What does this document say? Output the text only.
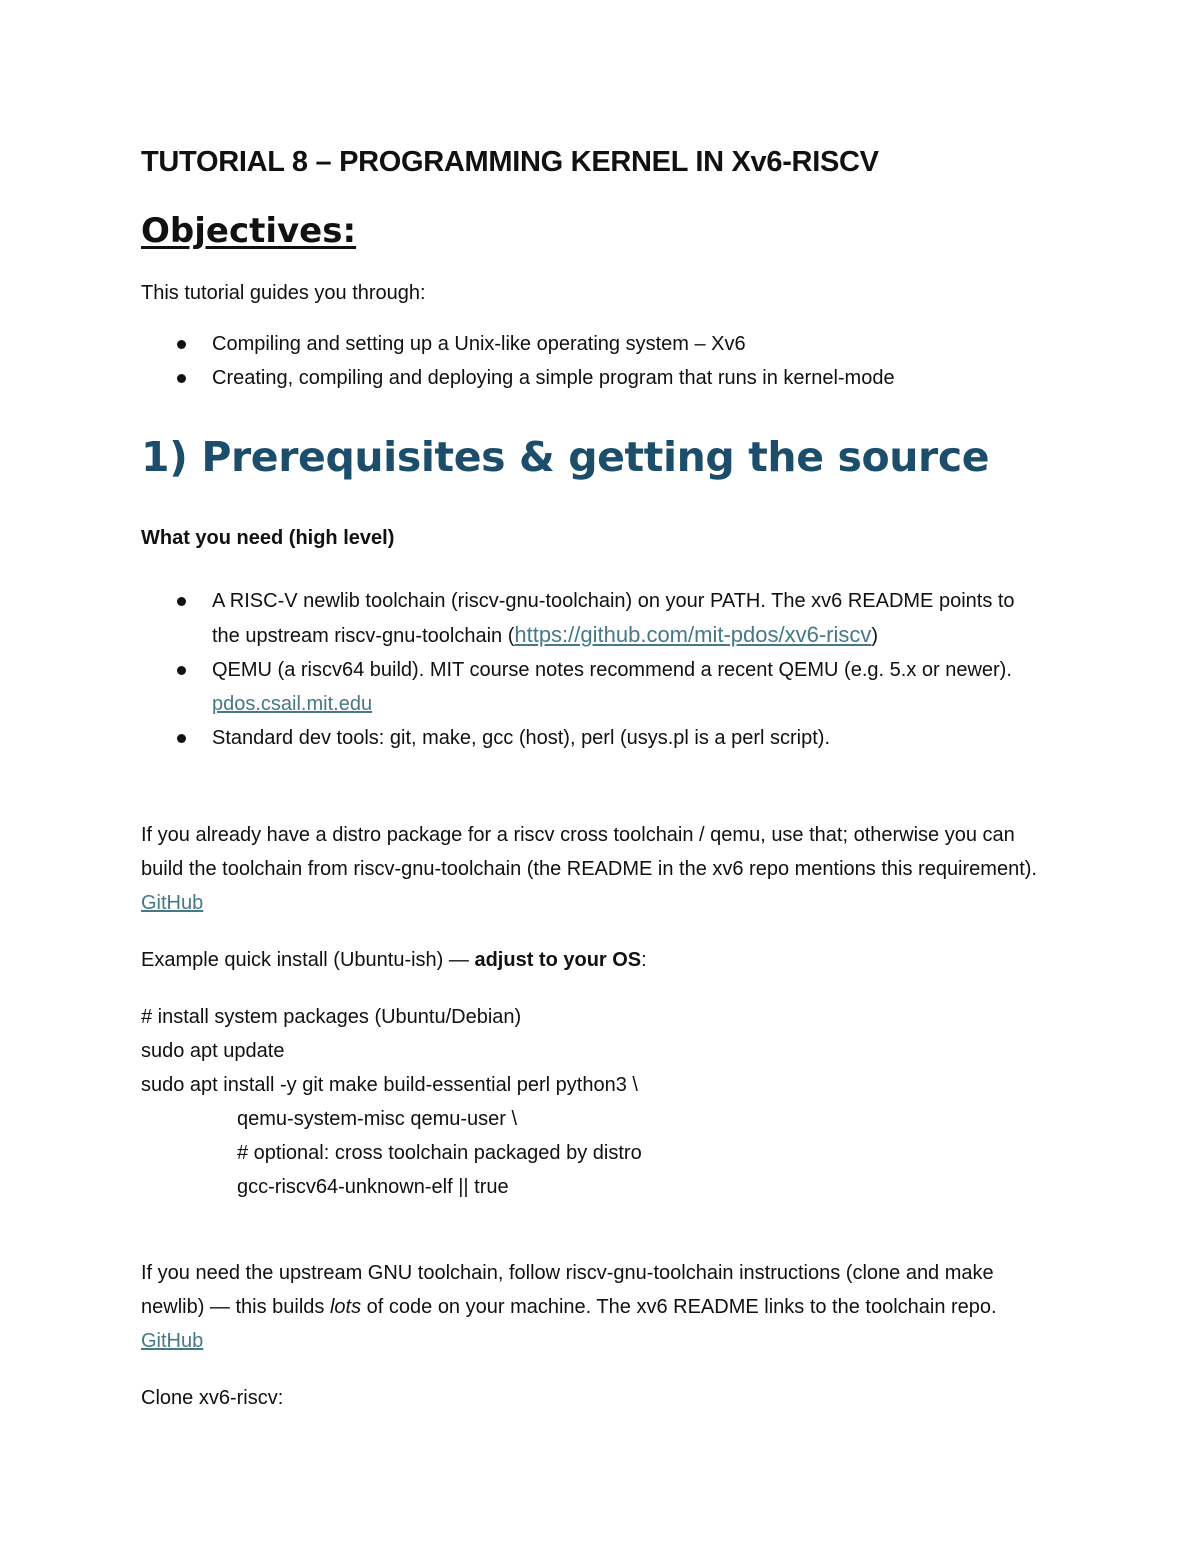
TUTORIAL 8 – PROGRAMMING KERNEL IN Xv6-RISCV
Objectives:

This tutorial guides you through:

Compiling and setting up a Unix-like operating system – Xv6
Creating, compiling and deploying a simple program that runs in kernel-mode
1) Prerequisites & getting the source

What you need (high level)

A RISC-V newlib toolchain (riscv-gnu-toolchain) on your PATH. The xv6 README points to the upstream riscv-gnu-toolchain (https://github.com/mit-pdos/xv6-riscv)
QEMU (a riscv64 build). MIT course notes recommend a recent QEMU (e.g. 5.x or newer). pdos.csail.mit.edu
Standard dev tools: git, make, gcc (host), perl (usys.pl is a perl script).

If you already have a distro package for a riscv cross toolchain / qemu, use that; otherwise you can build the toolchain from riscv-gnu-toolchain (the README in the xv6 repo mentions this requirement). GitHub

Example quick install (Ubuntu-ish) — adjust to your OS:

# install system packages (Ubuntu/Debian)
sudo apt update
sudo apt install -y git make build-essential perl python3 \
qemu-system-misc qemu-user \
# optional: cross toolchain packaged by distro
gcc-riscv64-unknown-elf || true

If you need the upstream GNU toolchain, follow riscv-gnu-toolchain instructions (clone and make newlib) — this builds lots of code on your machine. The xv6 README links to the toolchain repo. GitHub

Clone xv6-riscv:
